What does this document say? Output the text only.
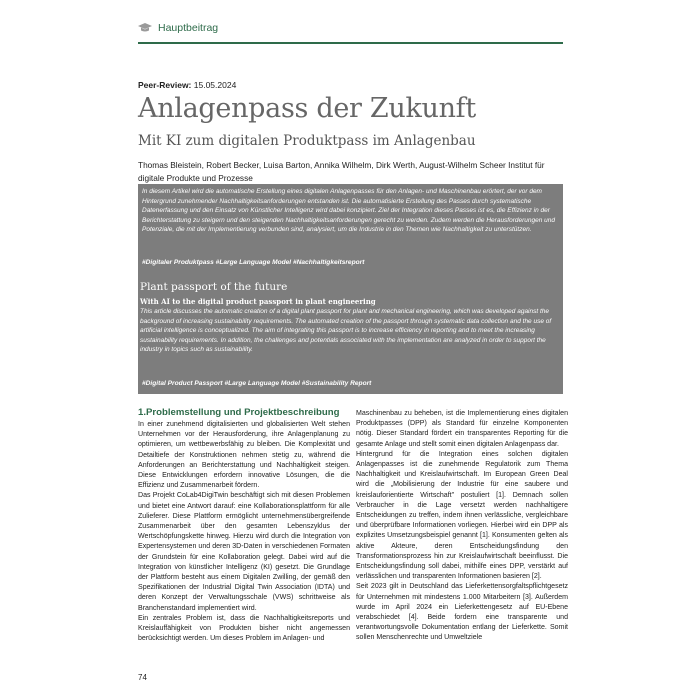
Hauptbeitrag
Peer-Review: 15.05.2024
Anlagenpass der Zukunft
Mit KI zum digitalen Produktpass im Anlagenbau
Thomas Bleistein, Robert Becker, Luisa Barton, Annika Wilhelm, Dirk Werth, August-Wilhelm Scheer Institut für digitale Produkte und Prozesse
In diesem Artikel wird die automatische Erstellung eines digitalen Anlagenpasses für den Anlagen- und Maschinenbau erörtert, der vor dem Hintergrund zunehmender Nachhaltigkeitsanforderungen entstanden ist. Die automatisierte Erstellung des Passes durch systematische Datenerfassung und den Einsatz von Künstlicher Intelligenz wird dabei konzipiert. Ziel der Integration dieses Passes ist es, die Effizienz in der Berichterstattung zu steigern und den steigenden Nachhaltigkeitsanforderungen gerecht zu werden. Zudem werden die Herausforderungen und Potenziale, die mit der Implementierung verbunden sind, analysiert, um die Industrie in den Themen wie Nachhaltigkeit zu unterstützen.
#Digitaler Produktpass #Large Language Model #Nachhaltigkeitsreport
Plant passport of the future
With AI to the digital product passport in plant engineering
This article discusses the automatic creation of a digital plant passport for plant and mechanical engineering, which was developed against the background of increasing sustainability requirements. The automated creation of the passport through systematic data collection and the use of artificial intelligence is conceptualized. The aim of integrating this passport is to increase efficiency in reporting and to meet the increasing sustainability requirements. In addition, the challenges and potentials associated with the implementation are analyzed in order to support the industry in topics such as sustainability.
#Digital Product Passport #Large Language Model #Sustainability Report
1.Problemstellung und Projektbeschreibung

In einer zunehmend digitalisierten und globalisierten Welt stehen Unternehmen vor der Herausforderung, ihre Anlagenplanung zu optimieren, um wettbewerbsfähig zu bleiben. Die Komplexität und Detailtiefe der Konstruktionen nehmen stetig zu, während die Anforderungen an Berichterstattung und Nachhaltigkeit steigen. Diese Entwicklungen erfordern innovative Lösungen, die die Effizienz und Zusammenarbeit fördern.

Das Projekt CoLab4DigiTwin beschäftigt sich mit diesen Problemen und bietet eine Antwort darauf: eine Kollaborationsplattform für alle Zulieferer. Diese Plattform ermöglicht unternehmensübergreifende Zusammenarbeit über den gesamten Lebenszyklus der Wertschöpfungskette hinweg. Hierzu wird durch die Integration von Expertensystemen und deren 3D-Daten in verschiedenen Formaten der Grundstein für eine Kollaboration gelegt. Dabei wird auf die Integration von künstlicher Intelligenz (KI) gesetzt. Die Grundlage der Plattform besteht aus einem Digitalen Zwilling, der gemäß den Spezifikationen der Industrial Digital Twin Association (IDTA) und deren Konzept der Verwaltungsschale (VWS) schrittweise als Branchenstandard implementiert wird.

Ein zentrales Problem ist, dass die Nachhaltigkeitsreports und Kreislauffähigkeit von Produkten bisher nicht angemessen berücksichtigt werden. Um dieses Problem im Anlagen- und

Maschinenbau zu beheben, ist die Implementierung eines digitalen Produktpasses (DPP) als Standard für einzelne Komponenten nötig. Dieser Standard fördert ein transparentes Reporting für die gesamte Anlage und stellt somit einen digitalen Anlagenpass dar.

Hintergrund für die Integration eines solchen digitalen Anlagenpasses ist die zunehmende Regulatorik zum Thema Nachhaltigkeit und Kreislaufwirtschaft. Im European Green Deal wird die „Mobilisierung der Industrie für eine saubere und kreislauforientierte Wirtschaft" postuliert [1]. Demnach sollen Verbraucher in die Lage versetzt werden nachhaltigere Entscheidungen zu treffen, indem ihnen verlässliche, vergleichbare und überprüfbare Informationen vorliegen. Hierbei wird ein DPP als explizites Umsetzungsbeispiel genannt [1]. Konsumenten gelten als aktive Akteure, deren Entscheidungsfindung den Transformationsprozess hin zur Kreislaufwirtschaft beeinflusst. Die Entscheidungsfindung soll dabei, mithilfe eines DPP, verstärkt auf verlässlichen und transparenten Informationen basieren [2].

Seit 2023 gilt in Deutschland das Lieferkettensorgfaltspflichtgesetz für Unternehmen mit mindestens 1.000 Mitarbeitern [3]. Außerdem wurde im April 2024 ein Lieferkettengesetz auf EU-Ebene verabschiedet [4]. Beide fordern eine transparente und verantwortungsvolle Dokumentation entlang der Lieferkette. Somit sollen Menschenrechte und Umweltziele

74
